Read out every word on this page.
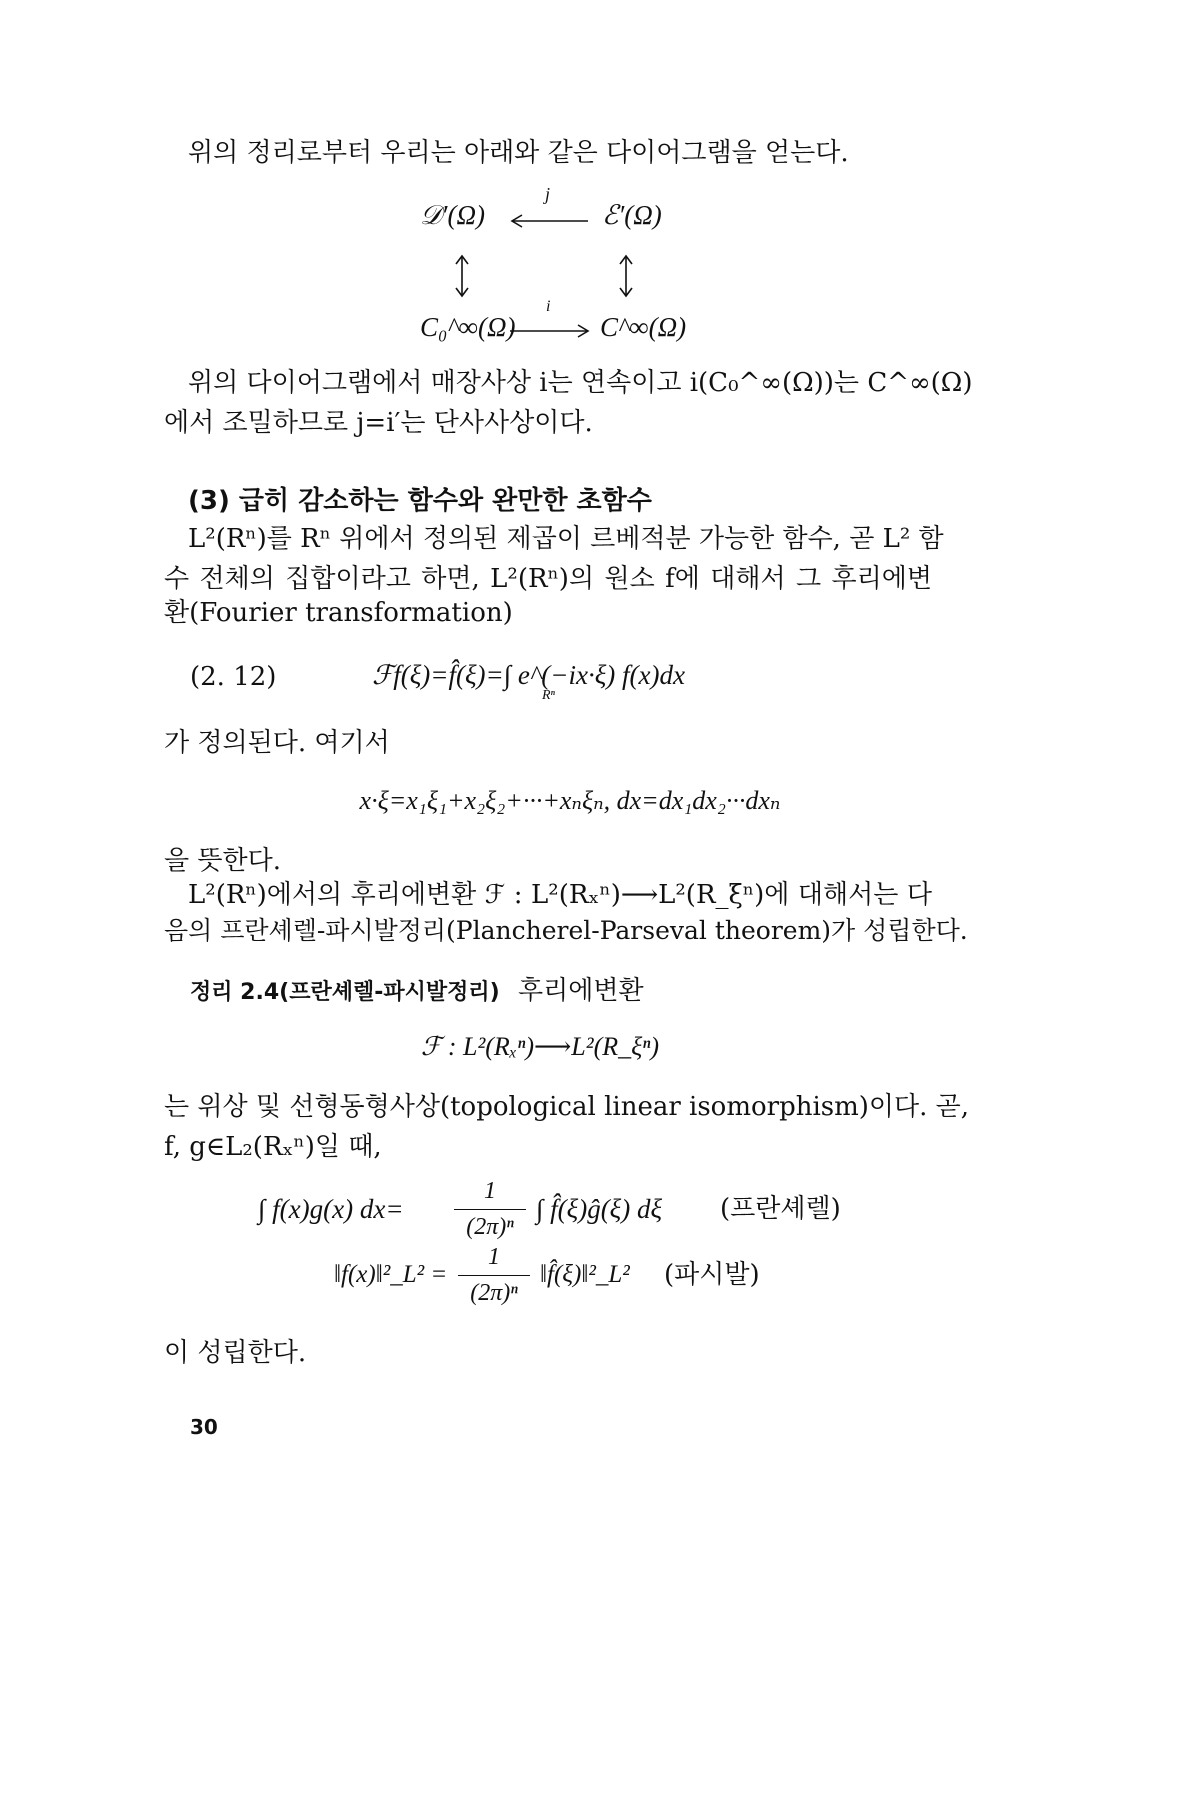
위의 정리로부터 우리는 아래와 같은 다이어그램을 얻는다.
𝒟′(Ω)	ℰ′(Ω)
j
C₀^∞(Ω)	C^∞(Ω)
i
위의 다이어그램에서 매장사상 i는 연속이고 i(C₀^∞(Ω))는 C^∞(Ω)
에서 조밀하므로 j=i′는 단사사상이다.
(3) 급히 감소하는 함수와 완만한 초함수
L²(Rⁿ)를 Rⁿ 위에서 정의된 제곱이 르베적분 가능한 함수, 곧 L² 함
수 전체의 집합이라고 하면, L²(Rⁿ)의 원소 f에 대해서 그 후리에변
환(Fourier transformation)
(2. 12)	ℱf(ξ)=f̂(ξ)=∫ e^(−ix·ξ) f(x)dx
Rⁿ
가 정의된다. 여기서
x·ξ=x₁ξ₁+x₂ξ₂+···+xₙξₙ, dx=dx₁dx₂···dxₙ
을 뜻한다.
L²(Rⁿ)에서의 후리에변환 ℱ : L²(Rₓⁿ)⟶L²(R_ξⁿ)에 대해서는 다
음의 프란셰렐-파시발정리(Plancherel-Parseval theorem)가 성립한다.
정리 2.4(프란셰렐-파시발정리) 후리에변환
ℱ : L²(Rₓⁿ)⟶L²(R_ξⁿ)
는 위상 및 선형동형사상(topological linear isomorphism)이다. 곧,
f, g∈L₂(Rₓⁿ)일 때,
∫ f(x)g(x) dx=
1
(2π)ⁿ
∫ f̂(ξ)ĝ(ξ) dξ (프란셰렐)
‖f(x)‖²_L² =
1
(2π)ⁿ
‖f̂(ξ)‖²_L² (파시발)
이 성립한다.
30
